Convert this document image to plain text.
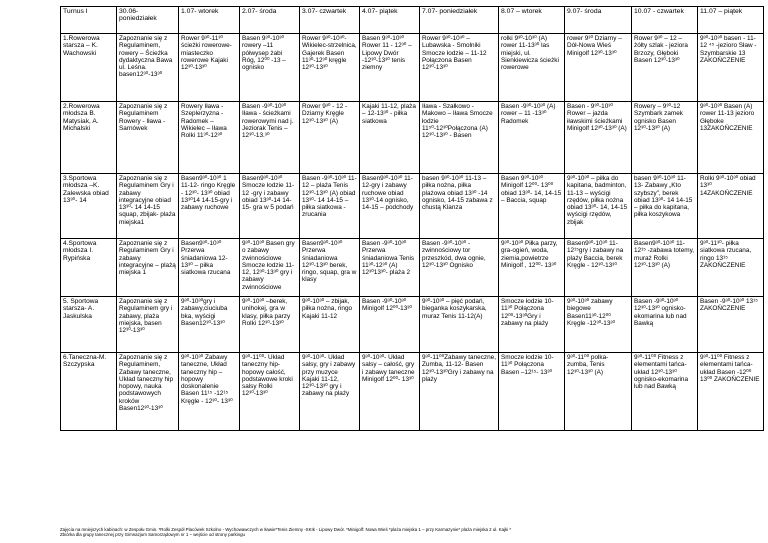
Turnus I	30.06-poniedziałek	1.07- wtorek	2.07- środa	3.07- czwartek	4.07- piątek	7.07- poniedziałek	8.07 – wtorek	9.07- środa	10.07 - czwartek	11.07 – piątek
1.Rowerowa starsza – K. Wachowski	Zapoznanie się z Regulaminem, rowery – Ścieżka dydaktyczna Bawa ul. Leśna. basen12³⁰-13³⁰	Rower 9³⁰-11³⁰ ścieżki rowerowe-miasteczko rowerowe Kajaki 12³⁰-13³⁰	Basen 9³⁰-10³⁰ rowery –11 półwysep żabi Róg, 12⁰⁰ -13 – ognisko	Rower 9³⁰-10³⁰-Wikielec-strzelnica, Gajerek Basen 11³⁰-12³⁰ kręgle 12³⁰-13³⁰	Basen 9³⁰-10³⁰ Rower 11 - 12³⁰ – Lipowy Dwór -12³⁰-13³⁰ tenis ziemny	Rower 9³⁰-10³⁰ – Lubawska - Smolniki Smocze łodzie – 11-12 Połączona Basen 12³⁰-13³⁰	rolki 9³⁰-10³⁰ (A) rower 11-13³⁰ las miejski, ul. Sienkiewicza ścieżki rowerowe	rower 9³⁰ Dziarny – Dół-Nowa Wieś Minigolf 12³⁰-13³⁰	Rower 9³⁰ – 12 – żółty szlak - jeziora Brzozy, Głęboki Basen 12³⁰-13³⁰	9³⁰-10³⁰ basen - 11-12 ⁴⁵ -jezioro Sław - Szymbarskie 13 ZAKOŃCZENIE
2.Rowerowa młodsza B. Matysiak, A. Michalski	Zapoznanie się z Regulaminem Rowery - Iława - Sarnówek	Rowery Iława - Szeplerzyzna - Radomek – Wikielec – Iława Rolki 11³⁰-12³⁰	Basen -9³⁰-10³⁰ Iława - ścieżkami rowerowymi nad j. Jeziorak Tenis – 12³⁰-13.³⁰	Rower 9³⁰ - 12 - Dziarny Kręgle 12³⁰-13³⁰ (A)	Kajaki 11-12, plaża – 12-13³⁰ - piłka siatkowa	Iława - Szałkowo - Makowo – Iława Smocze łodzie 11⁵⁰-12³⁰Połączona (A) 12³⁰-13³⁰ - Basen	Basen -9³⁰-10³⁰ (A) rower – 11 -13³⁰ Radomek	Basen - 9³⁰-10³⁰ Rower – jazda iławskimi ścieżkami Minigolf 12³⁰-13³⁰ (A)	Rowery – 9³⁰-12 Szymbark zamek ognisko Basen 12³⁰-13³⁰ (A)	9³⁰-10³⁰ Basen (A) rower 11-13 jezioro Głęboke 13ZAKOŃCZENIE
3.Sportowa młodsza –K. Zalewska obiad 13³⁰- 14	Zapoznanie się z Regulaminem Gry i zabawy integracyjne obiad 13³⁰- 14 14-15 squap, zbijak- plaża miejska1	Basen9³⁰-10³⁰ 1 11-12- ringo Kręgle - 12³⁰- 13³⁰ obiad 13³⁰14 14-15-gry i zabawy ruchowe	Basen9³⁰-10³⁰ Smocze łodzie 11-12 -gry i zabawy obiad 13³⁰-14 14-15- gra w 5 podań	Basen -9³⁰-10³⁰ 11-12 – plaża Tenis 12³⁰-13³⁰ (A) obiad 13³⁰- 14 14-15 – piłka siatkowa - zrucania	Basen9³⁰-10³⁰ 11-12-gry i zabawy ruchowe obiad 13³⁰-14 ognisko, 14-15 – podchody	basen 9³⁰-10³⁰ 11-13 – piłka nożna, piłka plażowa obiad 13³⁰ -14 ognisko, 14-15 zabawa z chustą Klanza	Basen 9³⁰-10³⁰ Minigolf 12⁰⁰- 13⁰⁰ obiad 13³⁰- 14, 14-15 – Baccia, squap	9³⁰-10³⁰ – piłka do kapitana, badminton, 11-13 – wyścigi rzędów, piłka nożna obiad 13³⁰- 14, 14-15 wyścigi rzędów, zbijak	basen 9³⁰-10³⁰ 11-13- Zabawy „Kto szybszy”, berek obiad 13³⁰- 14 14-15 – piłka do kapitana, piłka koszykowa	Rolki 9³⁰-10³⁰ obiad 13³⁰ 14ZAKOŃCZENIE
4.Sportowa młodsza I. Rypińska	Zapoznanie się z Regulaminem Gry i zabawy integracyjne – plażą miejska 1	Basen9³⁰-10³⁰ Przerwa śniadaniowa 12-13³⁰ – piłka siatkowa rzucana	9³⁰-10³⁰ Basen gry o zabawy zwinnościowe Smocze łodzie 11-12, 12³⁰-13³⁰ gry i zabawy zwinnościowe	Basen9³⁰-10³⁰ Przerwa śniadaniowa 12³⁰-13³⁰ berek, ringo, squap, gra w klasy	Basen -9³⁰-10³⁰ Przerwa śniadaniowa Tenis 11³⁰-12³⁰ (A) 12³⁰13³⁰- plaża 2	Basen -9³⁰-10³⁰ - zwinnościowy tor przeszkód, dwa ognie, 12³⁰-13³⁰ Ognisko	9³⁰-10³⁰ Piłka parzy, gra-ogień, woda, ziemia,powietrze Minigolf , 12⁰⁰- 13³⁰	Basen9³⁰-10³⁰ 11-12¹⁵gry i zabawy na plaży Baccia, berek Kręgle - 12³⁰-13³⁰	Basen9³⁰-10³⁰ 11-12¹⁵ -zabawa totemy, muraż Rolki 12³⁰-13³⁰ (A)	9³⁰-11³⁰- piłka siatkowa rzucana, ringo 13¹⁵ ZAKOŃCZENIE
5. Sportowa starsza- A. Jaskulska	Zapoznanie się z Regulaminem gry i zabawy, plaża miejska, basen 12³⁰-13³⁰	9³⁰-10³⁰gry i zabawy,ciuciuba bka, wyścigi Basen12³⁰-13³⁰	9³⁰-10³⁰ –berek, unihokej, gra w klasy, piłka parzy Rolki 12³⁰-13³⁰	9³⁰-10³⁰ – zbijak, piłka nożna, ringo Kajaki 11-12	Basen -9³⁰-10³⁰ Minigolf 12⁰⁰-13³⁰	9³⁰-10³⁰ – pięć podań, bieganka koszykarska, muraz Tenis 11-12(A)	Smocze łodzie 10-11³⁰ Połączona 12⁰⁰-13³⁰Gry i zabawy na plaży	9³⁰-10³⁰ zabawy biegowe Basen11³⁰-12⁰⁰ Kręgle -12³⁰-13³⁰	Basen -9³⁰-10³⁰ 12³⁰-13³⁰ ognisko-ekomarina lub nad Bawką	Basen -9³⁰-10³⁰ 13¹⁵ ZAKOŃCZENIE
6.Taneczna-M. Szczypska	Zapoznanie się z Regulaminem, Zabawy taneczne, Układ taneczny hip hopowy, nauka podstawowych kroków Basen12³⁰-13³⁰	9³⁰-10³⁰ Zabawy taneczne, Układ taneczny hip – hopowy doskonalenie Basen 11¹⁵ -12¹⁵ Kręgle - 12³⁰- 13³⁰	9³⁰-11⁰⁰- Układ taneczny hip-hopowy całość, podstawowe kroki salsy Rolki 12³⁰-13³⁰	9³⁰-10³⁰- Układ salsy, gry i zabawy przy muzyce Kajaki 11-12, 12³⁰-13³⁰ gry i zabawy na plaży	9³⁰-10³⁰- Układ salsy – całość, gry i zabawy taneczne Minigolf 12⁰⁰- 13³⁰	9³⁰-11⁰⁰Zabawy taneczne, Zumba, 11-12- Basen 12³⁰-13³⁰Gry i zabawy na plaży	Smocze łodzie 10-11³⁰ Połączona Basen –12¹⁵- 13³⁰	9³⁰-11⁰⁰ polka-zumba, Tenis 12³⁰-13³⁰ (A)	9³⁰-11⁰⁰ Fitness z elementami tańca-układ 12³⁰-13³⁰ ognisko-ekomarina lub nad Bawką	9³⁰-11⁰⁰ Fitness z elementami tańca-układ Basen -12⁰⁰ 13⁰⁰ ZAKOŃCZENIE
Zajęcia na mniejszych kabinach: w Zespołu Gmin. *Rolki Zespół Placówek Szkolno - Wychowawczych w Iławie*Tenis Ziemny -SKIk - Lipowy Dwór. *Minigolf: Nowa Wieś *plaża miejska 1 – przy Karmazynie* plaża miejska 2 ul. Kajki *
Zbiórka dla grupy tanecznej przy Gimnazjum Samorządowym nr 1 – wejście od strony parkingu
